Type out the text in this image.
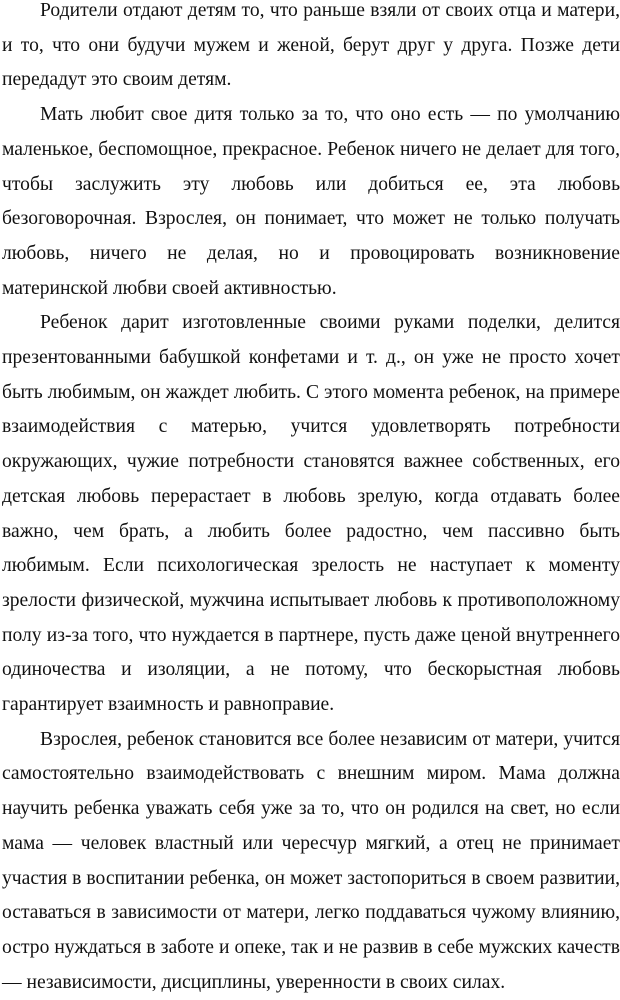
Родители отдают детям то, что раньше взяли от своих отца и матери, и то, что они будучи мужем и женой, берут друг у друга. Позже дети передадут это своим детям.

Мать любит свое дитя только за то, что оно есть — по умолчанию маленькое, беспомощное, прекрасное. Ребенок ничего не делает для того, чтобы заслужить эту любовь или добиться ее, эта любовь безоговорочная. Взрослея, он понимает, что может не только получать любовь, ничего не делая, но и провоцировать возникновение материнской любви своей активностью.

Ребенок дарит изготовленные своими руками поделки, делится презентованными бабушкой конфетами и т. д., он уже не просто хочет быть любимым, он жаждет любить. С этого момента ребенок, на примере взаимодействия с матерью, учится удовлетворять потребности окружающих, чужие потребности становятся важнее собственных, его детская любовь перерастает в любовь зрелую, когда отдавать более важно, чем брать, а любить более радостно, чем пассивно быть любимым. Если психологическая зрелость не наступает к моменту зрелости физической, мужчина испытывает любовь к противоположному полу из-за того, что нуждается в партнере, пусть даже ценой внутреннего одиночества и изоляции, а не потому, что бескорыстная любовь гарантирует взаимность и равноправие.

Взрослея, ребенок становится все более независим от матери, учится самостоятельно взаимодействовать с внешним миром. Мама должна научить ребенка уважать себя уже за то, что он родился на свет, но если мама — человек властный или чересчур мягкий, а отец не принимает участия в воспитании ребенка, он может застопориться в своем развитии, оставаться в зависимости от матери, легко поддаваться чужому влиянию, остро нуждаться в заботе и опеке, так и не развив в себе мужских качеств — независимости, дисциплины, уверенности в своих силах.
